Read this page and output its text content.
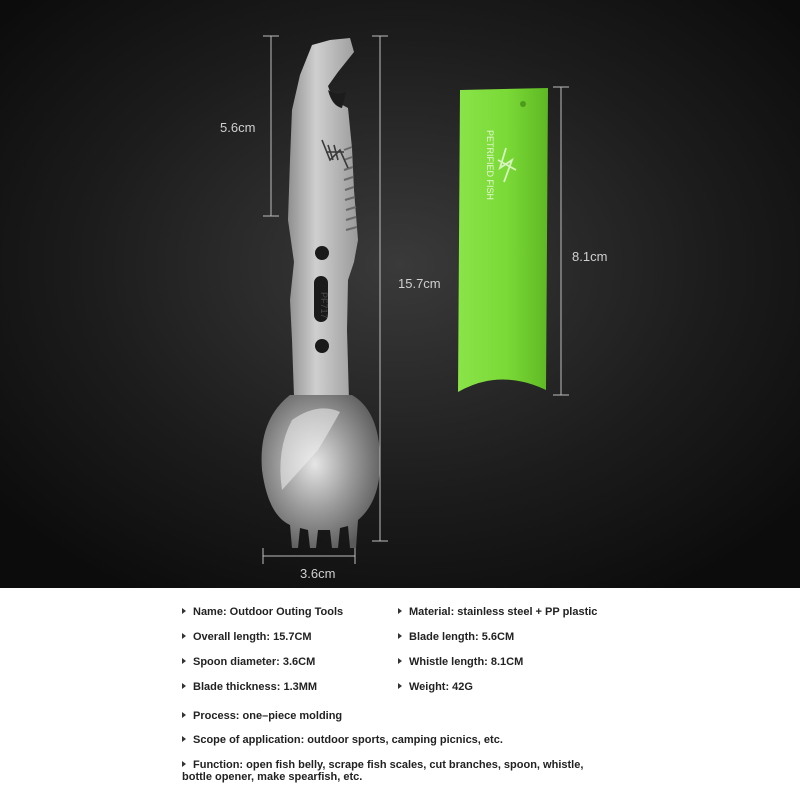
5.6cm
15.7cm
3.6cm
8.1cm
PF717
PETRIFIED FISH
Name: Outdoor Outing Tools	Material: stainless steel + PP plastic
Overall length: 15.7CM	Blade length: 5.6CM
Spoon diameter: 3.6CM	Whistle length: 8.1CM
Blade thickness: 1.3MM	Weight: 42G
Process: one–piece molding
Scope of application: outdoor sports, camping picnics, etc.
Function: open fish belly, scrape fish scales, cut branches, spoon, whistle, bottle opener, make spearfish, etc.
